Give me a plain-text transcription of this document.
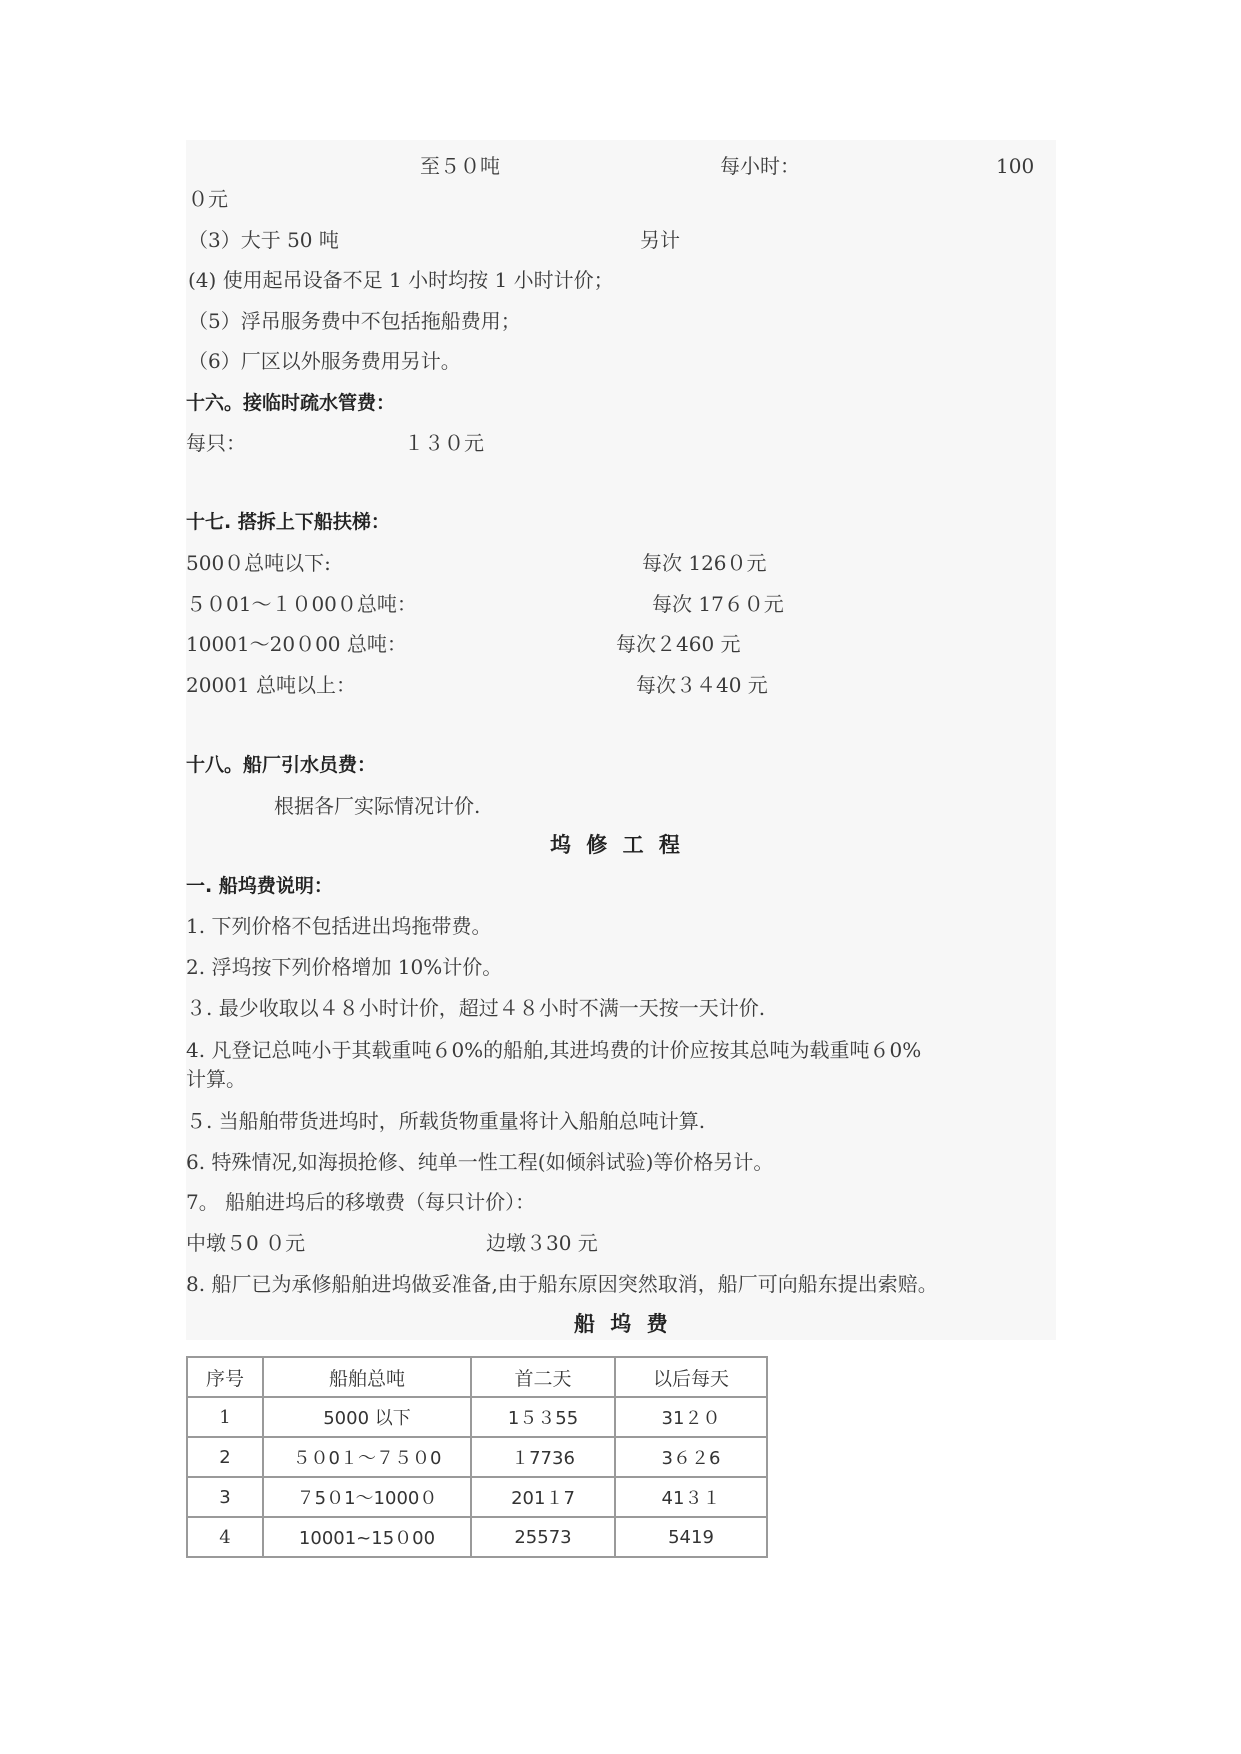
至５０吨	每小时：	100
０元
（3）大于 50 吨	另计
(4) 使用起吊设备不足 1 小时均按 1 小时计价；
（5）浮吊服务费中不包括拖船费用；
（6）厂区以外服务费用另计。
十六。接临时疏水管费：
每只：	１３０元
十七. 搭拆上下船扶梯：
500０总吨以下:	每次 126０元
５０01～１０00０总吨：	每次 17６０元
10001～20０00 总吨：	每次２460 元
20001 总吨以上：	每次３４40 元
十八。船厂引水员费：
根据各厂实际情况计价.
坞 修 工 程
一. 船坞费说明：
1. 下列价格不包括进出坞拖带费。
2. 浮坞按下列价格增加 10%计价。
３. 最少收取以４８小时计价，超过４８小时不满一天按一天计价.
4. 凡登记总吨小于其载重吨６0%的船舶,其进坞费的计价应按其总吨为载重吨６0%
计算。
５. 当船舶带货进坞时，所载货物重量将计入船舶总吨计算.
6. 特殊情况,如海损抢修、纯单一性工程(如倾斜试验)等价格另计。
7。 船舶进坞后的移墩费（每只计价）：
中墩５0 ０元	边墩３30 元
8. 船厂已为承修船舶进坞做妥准备,由于船东原因突然取消，船厂可向船东提出索赔。
船 坞 费
序号	船舶总吨	首二天	以后每天
1	5000 以下	1５３55	31２０
2	５０0１～７５０0	１7736	3６２6
3	７5０1～1000０	201１7	41３１
4	10001~15０00	25573	5419
